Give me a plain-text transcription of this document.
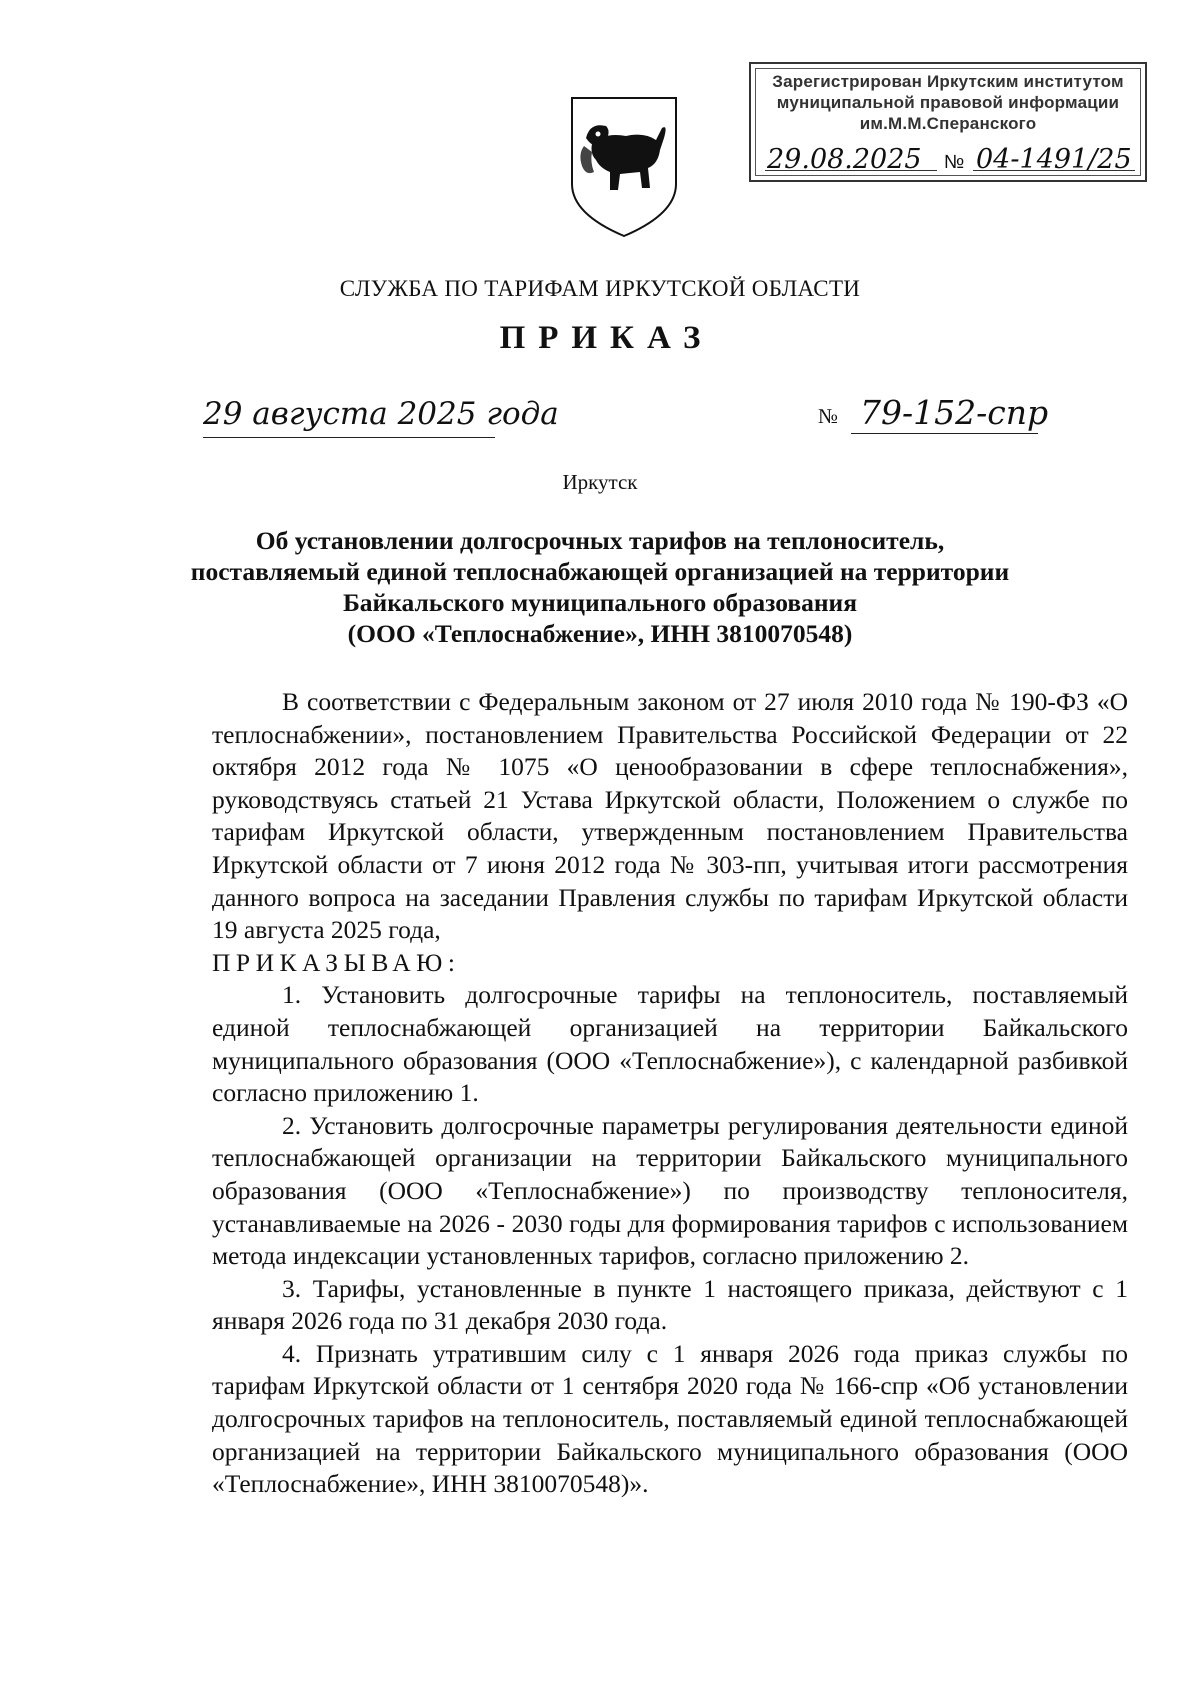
Зарегистрирован Иркутским институтом
муниципальной правовой информации
им.М.М.Сперанского
29.08.2025 № 04-1491/25
СЛУЖБА ПО ТАРИФАМ ИРКУТСКОЙ ОБЛАСТИ
ПРИКАЗ
29 августа 2025 года	№ 79-152-спр
Иркутск
Об установлении долгосрочных тарифов на теплоноситель,
поставляемый единой теплоснабжающей организацией на территории
Байкальского муниципального образования
(ООО «Теплоснабжение», ИНН 3810070548)

В соответствии с Федеральным законом от 27 июля 2010 года № 190-ФЗ «О теплоснабжении», постановлением Правительства Российской Федерации от 22 октября 2012 года № 1075 «О ценообразовании в сфере теплоснабжения», руководствуясь статьей 21 Устава Иркутской области, Положением о службе по тарифам Иркутской области, утвержденным постановлением Правительства Иркутской области от 7 июня 2012 года № 303-пп, учитывая итоги рассмотрения данного вопроса на заседании Правления службы по тарифам Иркутской области 19 августа 2025 года,

ПРИКАЗЫВАЮ:

1. Установить долгосрочные тарифы на теплоноситель, поставляемый единой теплоснабжающей организацией на территории Байкальского муниципального образования (ООО «Теплоснабжение»), с календарной разбивкой согласно приложению 1.

2. Установить долгосрочные параметры регулирования деятельности единой теплоснабжающей организации на территории Байкальского муниципального образования (ООО «Теплоснабжение») по производству теплоносителя, устанавливаемые на 2026 - 2030 годы для формирования тарифов с использованием метода индексации установленных тарифов, согласно приложению 2.

3. Тарифы, установленные в пункте 1 настоящего приказа, действуют с 1 января 2026 года по 31 декабря 2030 года.

4. Признать утратившим силу с 1 января 2026 года приказ службы по тарифам Иркутской области от 1 сентября 2020 года № 166-спр «Об установлении долгосрочных тарифов на теплоноситель, поставляемый единой теплоснабжающей организацией на территории Байкальского муниципального образования (ООО «Теплоснабжение», ИНН 3810070548)».
